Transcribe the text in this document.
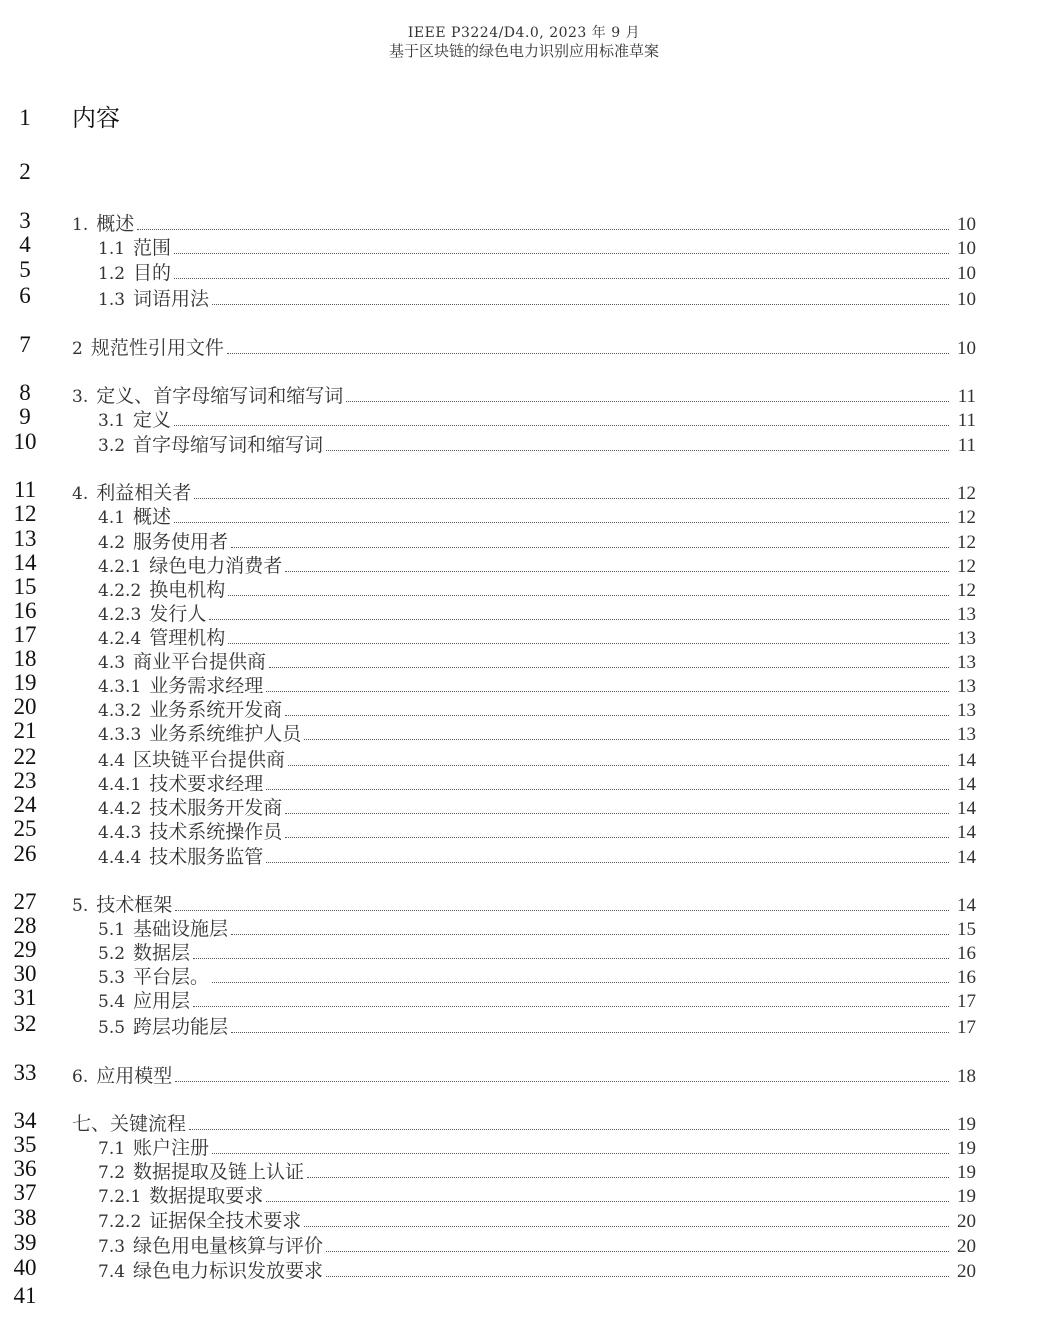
IEEE P3224/D4.0, 2023 年 9 月
基于区块链的绿色电力识别应用标准草案
1
2
3
4
5
6
7
8
9
10
11
12
13
14
15
16
17
18
19
20
21
22
23
24
25
26
27
28
29
30
31
32
33
34
35
36
37
38
39
40
41
内容
1. 概述	10
1.1 范围	10
1.2 目的	10
1.3 词语用法	10
2 规范性引用文件	10
3. 定义、首字母缩写词和缩写词	11
3.1 定义	11
3.2 首字母缩写词和缩写词	11
4. 利益相关者	12
4.1 概述	12
4.2 服务使用者	12
4.2.1 绿色电力消费者	12
4.2.2 换电机构	12
4.2.3 发行人	13
4.2.4 管理机构	13
4.3 商业平台提供商	13
4.3.1 业务需求经理	13
4.3.2 业务系统开发商	13
4.3.3 业务系统维护人员	13
4.4 区块链平台提供商	14
4.4.1 技术要求经理	14
4.4.2 技术服务开发商	14
4.4.3 技术系统操作员	14
4.4.4 技术服务监管	14
5. 技术框架	14
5.1 基础设施层	15
5.2 数据层	16
5.3 平台层。	16
5.4 应用层	17
5.5 跨层功能层	17
6. 应用模型	18
七、关键流程	19
7.1 账户注册	19
7.2 数据提取及链上认证	19
7.2.1 数据提取要求	19
7.2.2 证据保全技术要求	20
7.3 绿色用电量核算与评价	20
7.4 绿色电力标识发放要求	20
